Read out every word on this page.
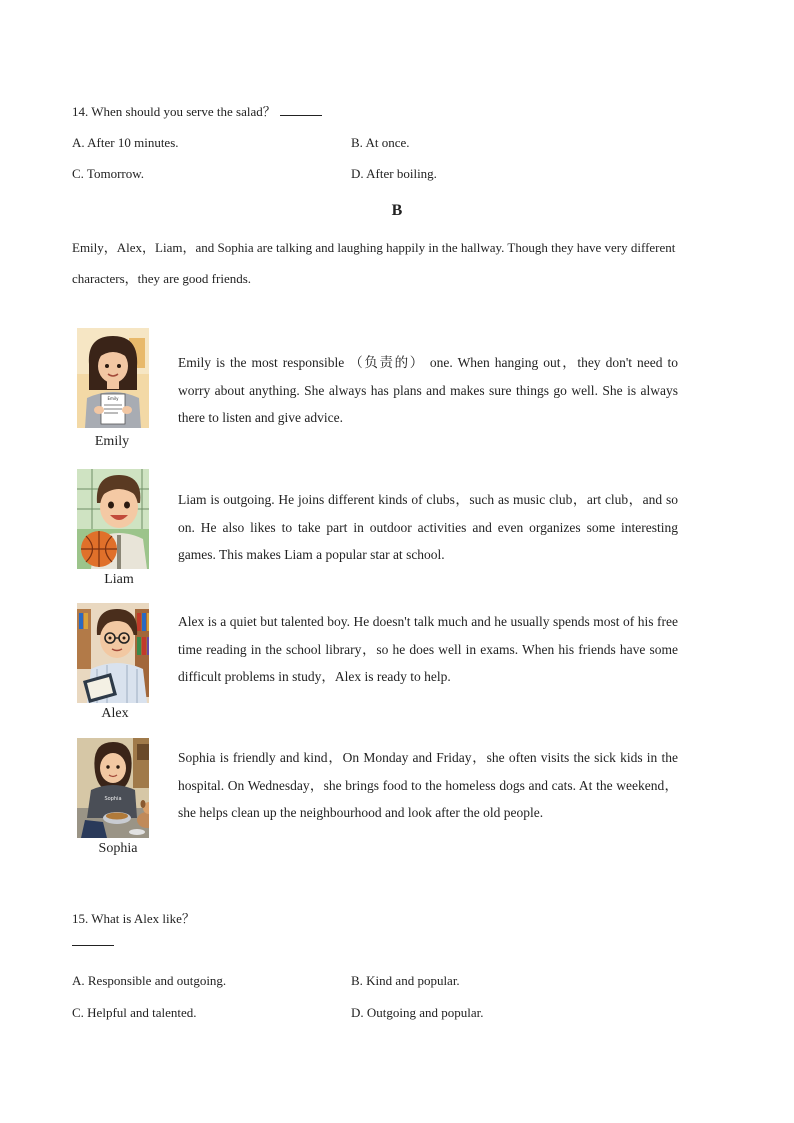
14. When should you serve the salad？
A. After 10 minutes.	B. At once.
C. Tomorrow.	D. After boiling.
B
Emily，Alex，Liam，and Sophia are talking and laughing happily in the hallway. Though they have very different characters，they are good friends.
Emily
Emily
Emily is the most responsible （负责的） one. When hanging out，they don't need to worry about anything. She always has plans and makes sure things go well. She is always there to listen and give advice.
Liam
Liam is outgoing. He joins different kinds of clubs，such as music club，art club，and so on. He also likes to take part in outdoor activities and even organizes some interesting games. This makes Liam a popular star at school.
Alex
Alex is a quiet but talented boy. He doesn't talk much and he usually spends most of his free time reading in the school library，so he does well in exams. When his friends have some difficult problems in study，Alex is ready to help.
Sophia
Sophia
Sophia is friendly and kind，On Monday and Friday，she often visits the sick kids in the hospital. On Wednesday，she brings food to the homeless dogs and cats. At the weekend，she helps clean up the neighbourhood and look after the old people.
15. What is Alex like？
A. Responsible and outgoing.	B. Kind and popular.
C. Helpful and talented.	D. Outgoing and popular.
